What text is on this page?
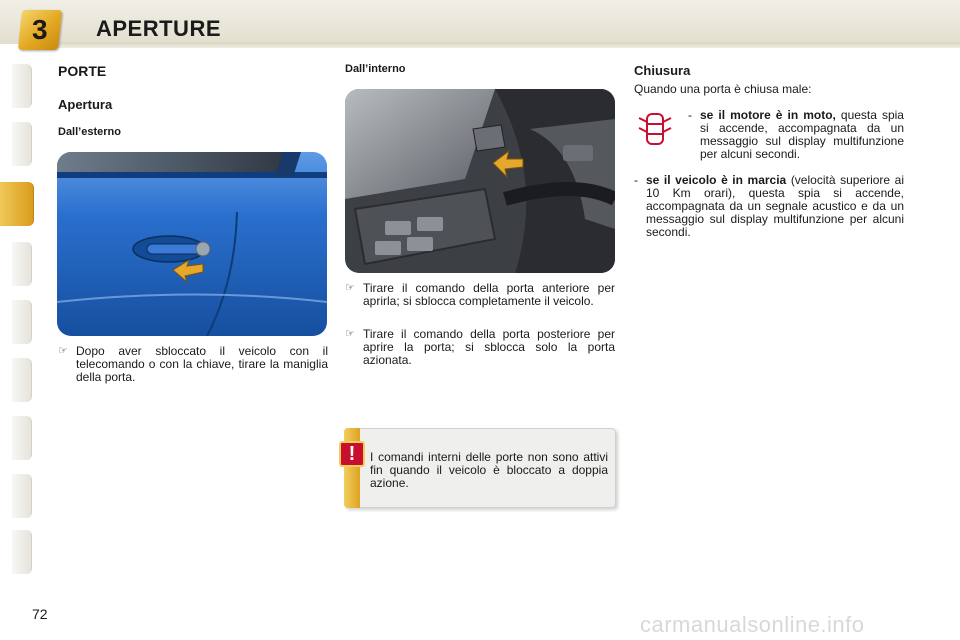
3 APERTURE
PORTE
Apertura
Dall’esterno
☞ Dopo aver sbloccato il veicolo con il telecomando o con la chiave, tirare la maniglia della porta.
Dall’interno
☞ Tirare il comando della porta anteriore per aprirla; si sblocca completamente il veicolo.
☞ Tirare il comando della porta posteriore per aprire la porta; si sblocca solo la porta azionata.
!	I comandi interni delle porte non sono attivi fin quando il veicolo è bloccato a doppia azione.
Chiusura
Quando una porta è chiusa male:
- se il motore è in moto, questa spia si accende, accompagnata da un messaggio sul display multifunzione per alcuni secondi.
- se il veicolo è in marcia (velocità superiore ai 10 Km orari), questa spia si accende, accompagnata da un segnale acustico e da un messaggio sul display multifunzione per alcuni secondi.
72	carmanualsonline.info
